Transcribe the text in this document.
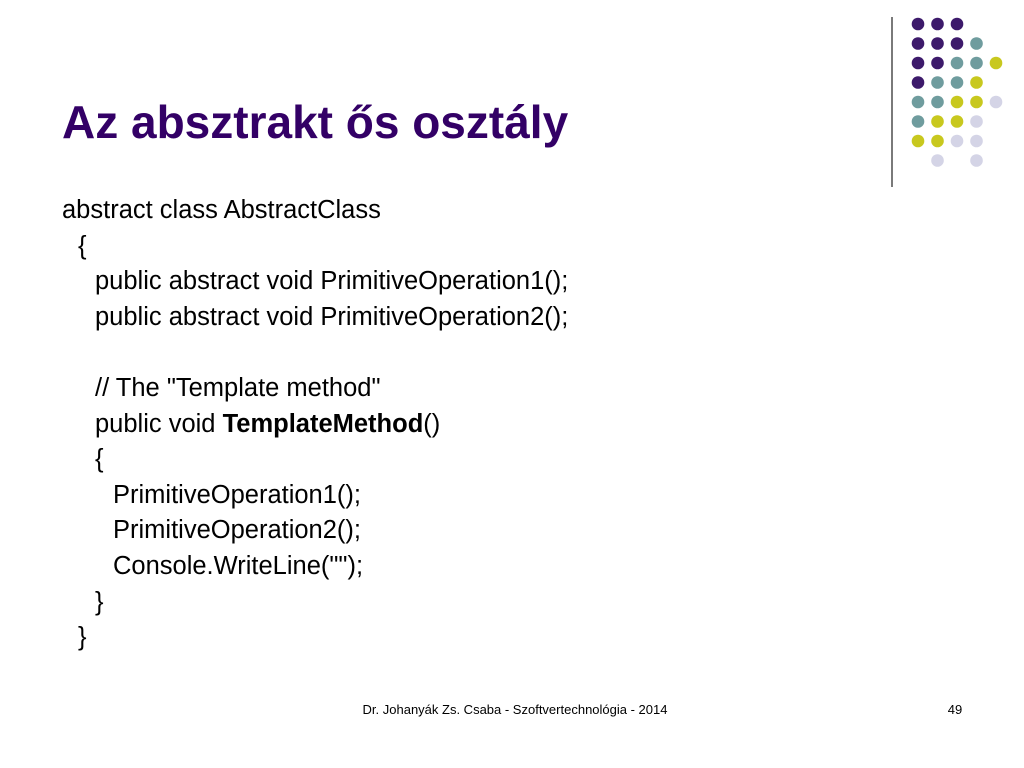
Az absztrakt ős osztály
abstract class AbstractClass
{
public abstract void PrimitiveOperation1();
public abstract void PrimitiveOperation2();

// The "Template method"
public void TemplateMethod()
{
PrimitiveOperation1();
PrimitiveOperation2();
Console.WriteLine("");
}
}
Dr. Johanyák Zs. Csaba - Szoftvertechnológia - 2014	49
